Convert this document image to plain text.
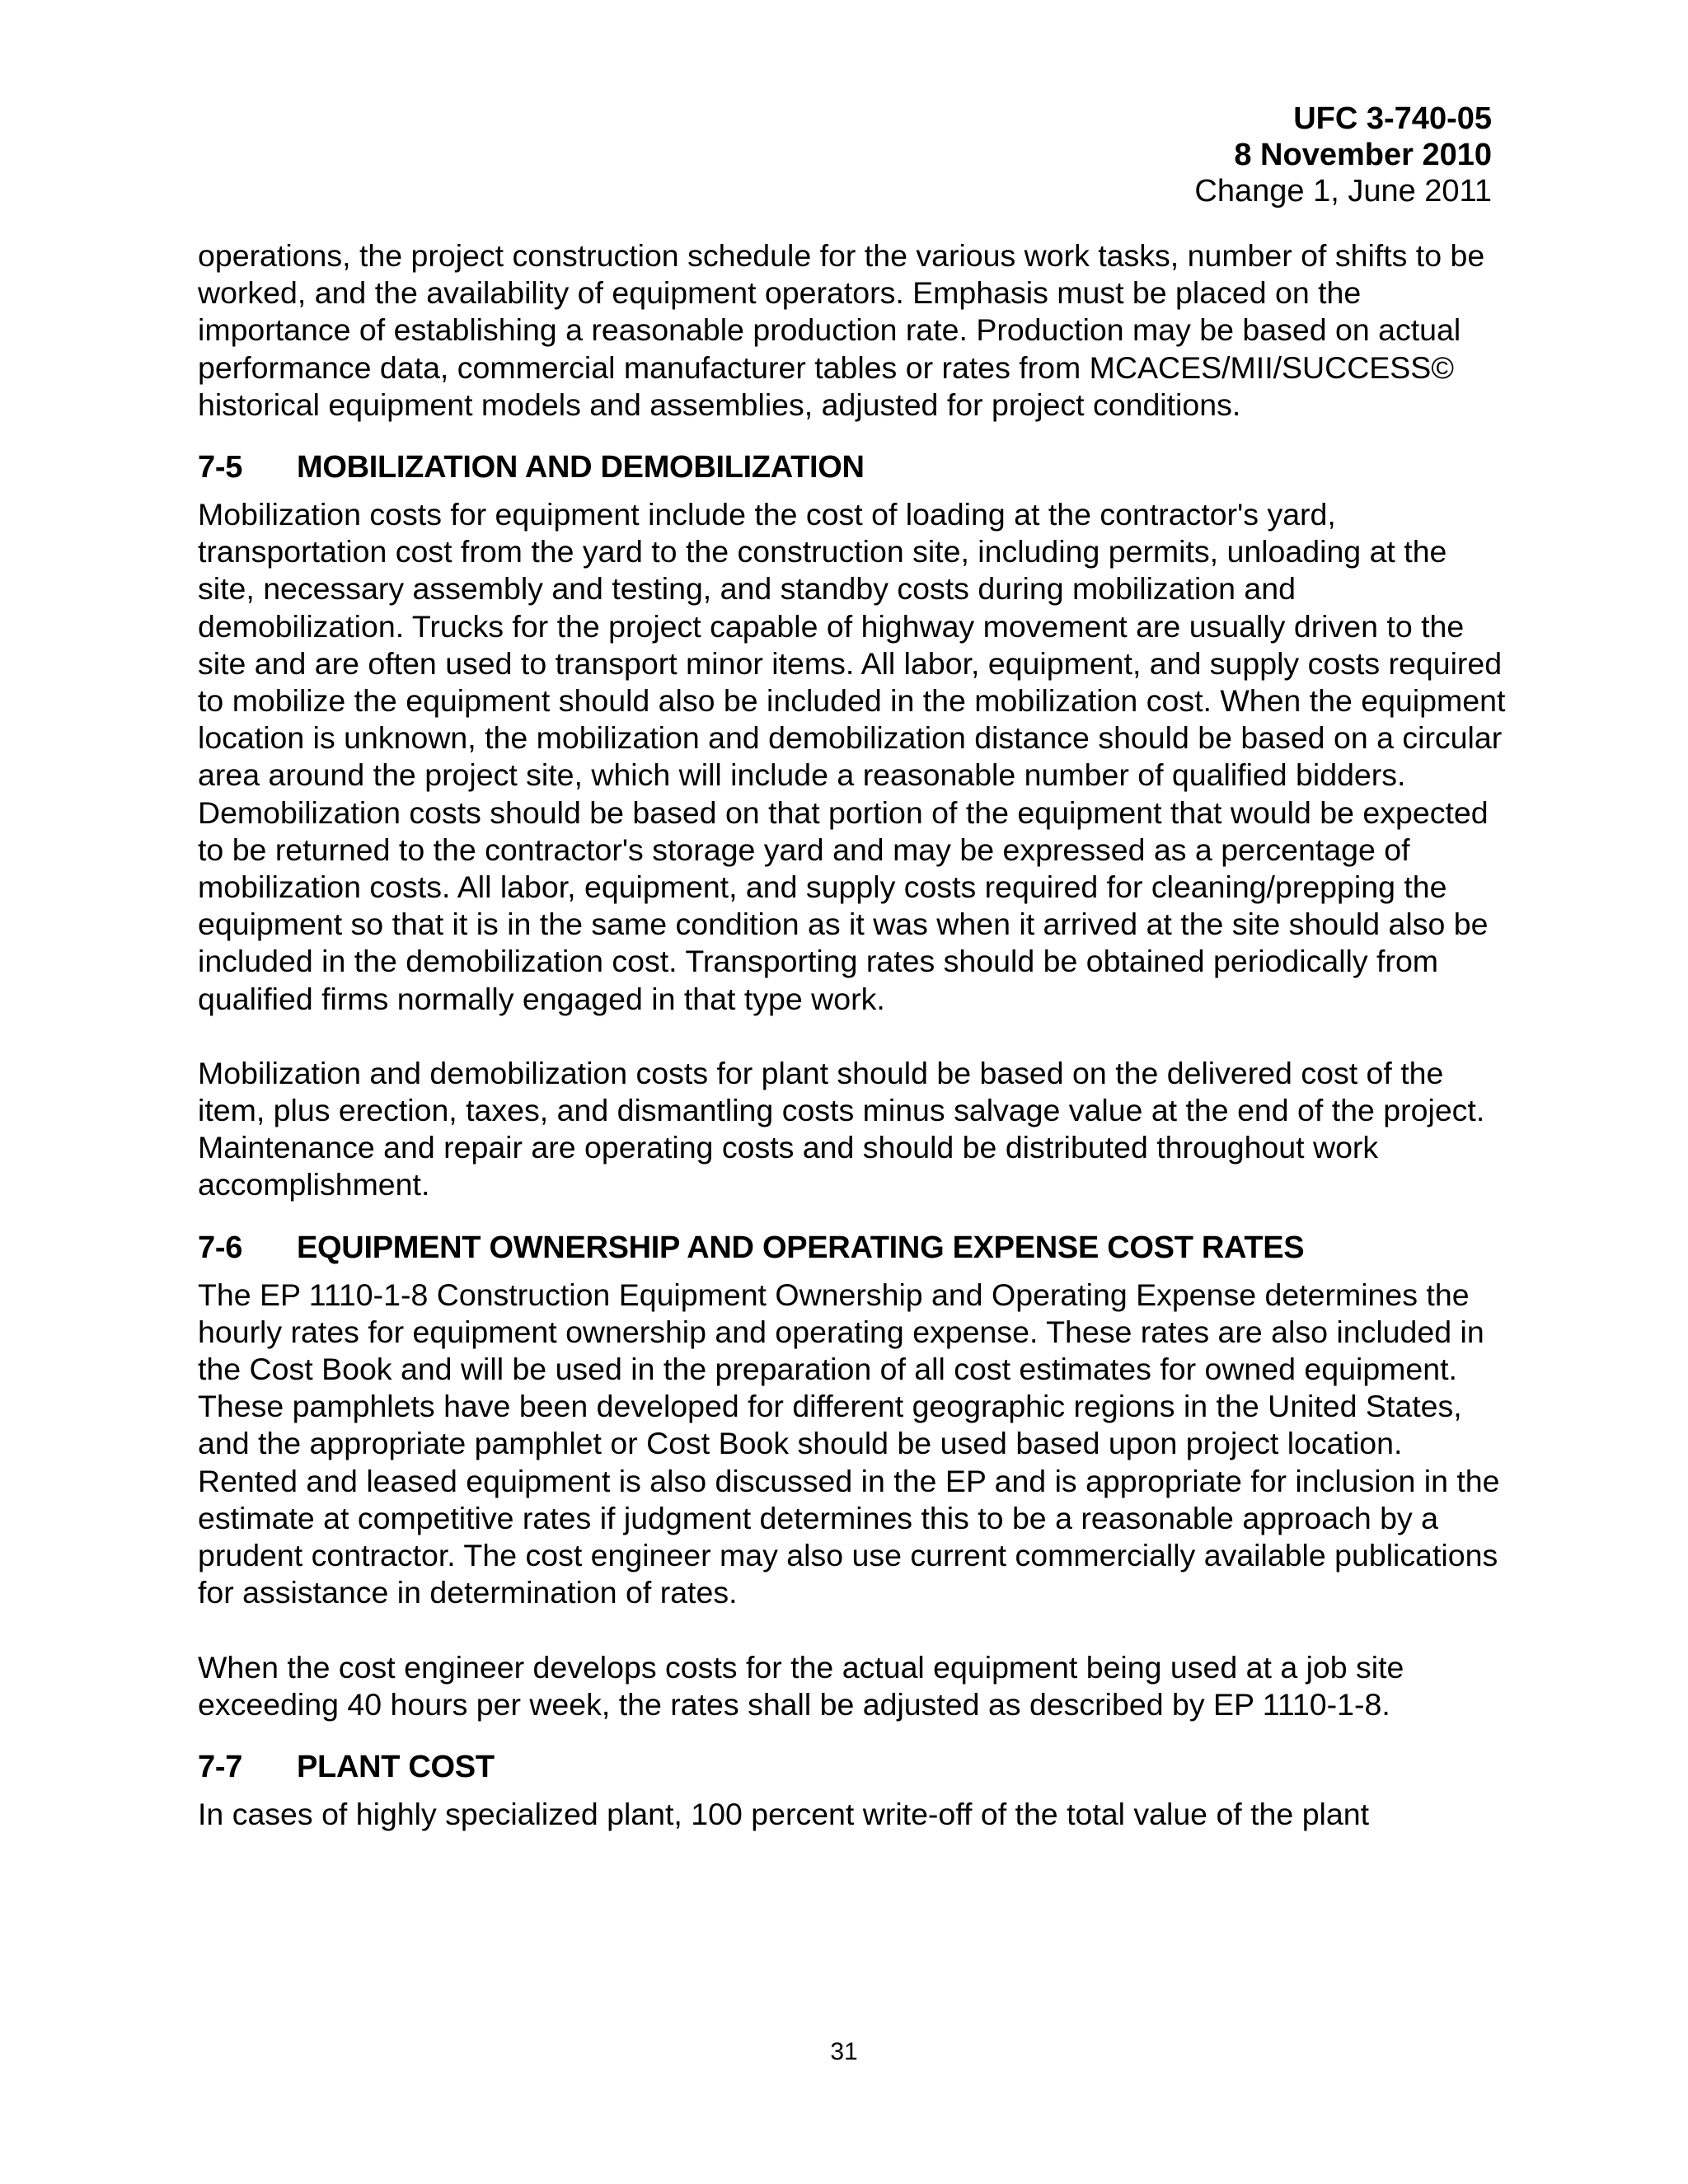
UFC 3-740-05
8 November 2010
Change 1, June 2011

operations, the project construction schedule for the various work tasks, number of shifts to be worked, and the availability of equipment operators. Emphasis must be placed on the importance of establishing a reasonable production rate. Production may be based on actual performance data, commercial manufacturer tables or rates from MCACES/MII/SUCCESS© historical equipment models and assemblies, adjusted for project conditions.

7-5 MOBILIZATION AND DEMOBILIZATION

Mobilization costs for equipment include the cost of loading at the contractor's yard, transportation cost from the yard to the construction site, including permits, unloading at the site, necessary assembly and testing, and standby costs during mobilization and demobilization. Trucks for the project capable of highway movement are usually driven to the site and are often used to transport minor items. All labor, equipment, and supply costs required to mobilize the equipment should also be included in the mobilization cost. When the equipment location is unknown, the mobilization and demobilization distance should be based on a circular area around the project site, which will include a reasonable number of qualified bidders. Demobilization costs should be based on that portion of the equipment that would be expected to be returned to the contractor's storage yard and may be expressed as a percentage of mobilization costs. All labor, equipment, and supply costs required for cleaning/prepping the equipment so that it is in the same condition as it was when it arrived at the site should also be included in the demobilization cost. Transporting rates should be obtained periodically from qualified firms normally engaged in that type work.

Mobilization and demobilization costs for plant should be based on the delivered cost of the item, plus erection, taxes, and dismantling costs minus salvage value at the end of the project. Maintenance and repair are operating costs and should be distributed throughout work accomplishment.

7-6 EQUIPMENT OWNERSHIP AND OPERATING EXPENSE COST RATES

The EP 1110-1-8 Construction Equipment Ownership and Operating Expense determines the hourly rates for equipment ownership and operating expense. These rates are also included in the Cost Book and will be used in the preparation of all cost estimates for owned equipment. These pamphlets have been developed for different geographic regions in the United States, and the appropriate pamphlet or Cost Book should be used based upon project location. Rented and leased equipment is also discussed in the EP and is appropriate for inclusion in the estimate at competitive rates if judgment determines this to be a reasonable approach by a prudent contractor. The cost engineer may also use current commercially available publications for assistance in determination of rates.

When the cost engineer develops costs for the actual equipment being used at a job site exceeding 40 hours per week, the rates shall be adjusted as described by EP 1110-1-8.

7-7 PLANT COST

In cases of highly specialized plant, 100 percent write-off of the total value of the plant

31
